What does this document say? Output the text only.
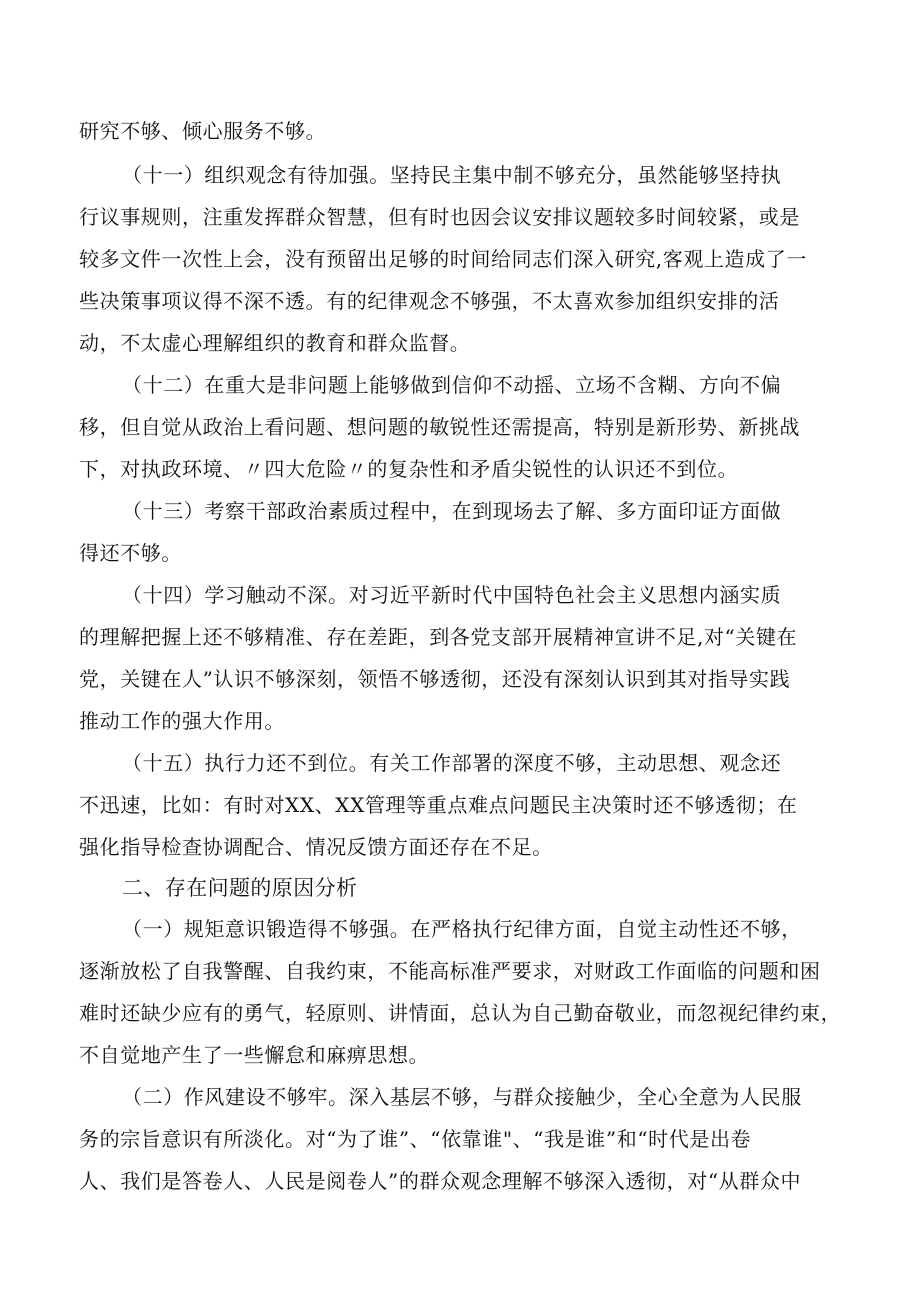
研究不够、倾心服务不够。
（十一）组织观念有待加强。坚持民主集中制不够充分，虽然能够坚持执
行议事规则，注重发挥群众智慧，但有时也因会议安排议题较多时间较紧，或是
较多文件一次性上会，没有预留出足够的时间给同志们深入研究,客观上造成了一
些决策事项议得不深不透。有的纪律观念不够强，不太喜欢参加组织安排的活
动，不太虚心理解组织的教育和群众监督。
（十二）在重大是非问题上能够做到信仰不动摇、立场不含糊、方向不偏
移，但自觉从政治上看问题、想问题的敏锐性还需提高，特别是新形势、新挑战
下，对执政环境、〃四大危险〃的复杂性和矛盾尖锐性的认识还不到位。
（十三）考察干部政治素质过程中，在到现场去了解、多方面印证方面做
得还不够。
（十四）学习触动不深。对习近平新时代中国特色社会主义思想内涵实质
的理解把握上还不够精准、存在差距，到各党支部开展精神宣讲不足,对“关键在
党，关键在人”认识不够深刻，领悟不够透彻，还没有深刻认识到其对指导实践
推动工作的强大作用。
（十五）执行力还不到位。有关工作部署的深度不够，主动思想、观念还
不迅速，比如：有时对XX、XX管理等重点难点问题民主决策时还不够透彻；在
强化指导检查协调配合、情况反馈方面还存在不足。
二、存在问题的原因分析
（一）规矩意识锻造得不够强。在严格执行纪律方面，自觉主动性还不够，
逐渐放松了自我警醒、自我约束，不能高标准严要求，对财政工作面临的问题和困
难时还缺少应有的勇气，轻原则、讲情面，总认为自己勤奋敬业，而忽视纪律约束，
不自觉地产生了一些懈怠和麻痹思想。
（二）作风建设不够牢。深入基层不够，与群众接触少，全心全意为人民服
务的宗旨意识有所淡化。对“为了谁”、“依靠谁"、“我是谁”和“时代是出卷
人、我们是答卷人、人民是阅卷人”的群众观念理解不够深入透彻，对“从群众中
